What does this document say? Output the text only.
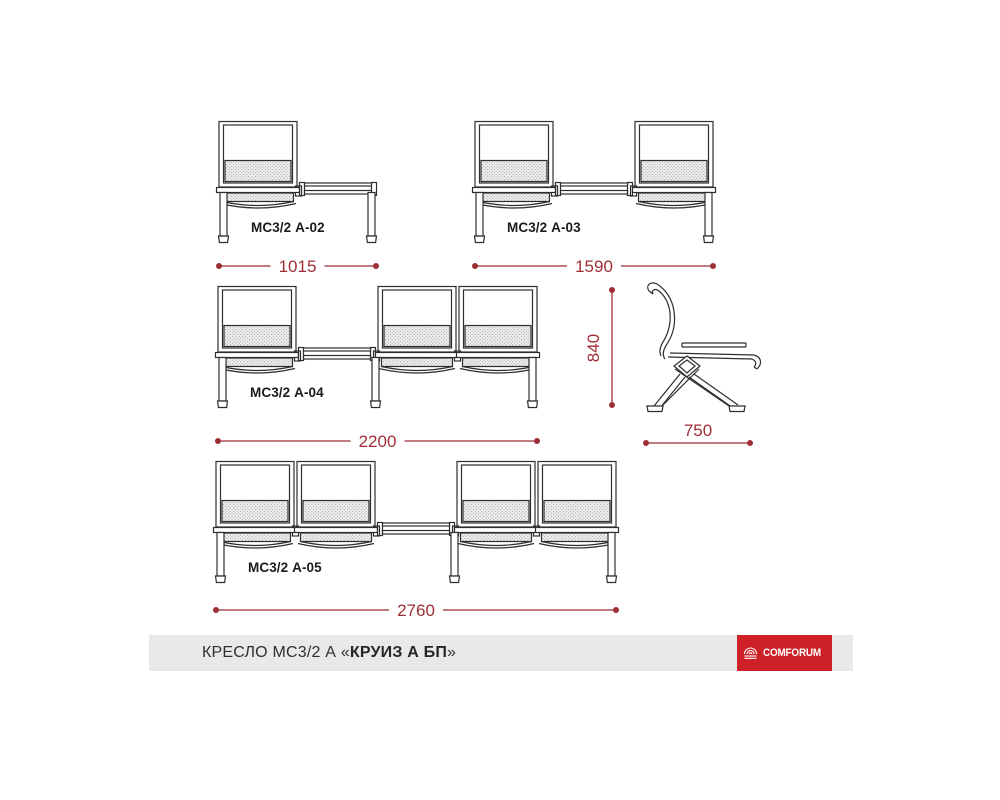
МС3/2 А-02
1015
МС3/2 А-03
1590
МС3/2 А-04
2200
МС3/2 А-05
2760
840
750
КРЕСЛО МС3/2 А «КРУИЗ А БП»	COMFORUM
